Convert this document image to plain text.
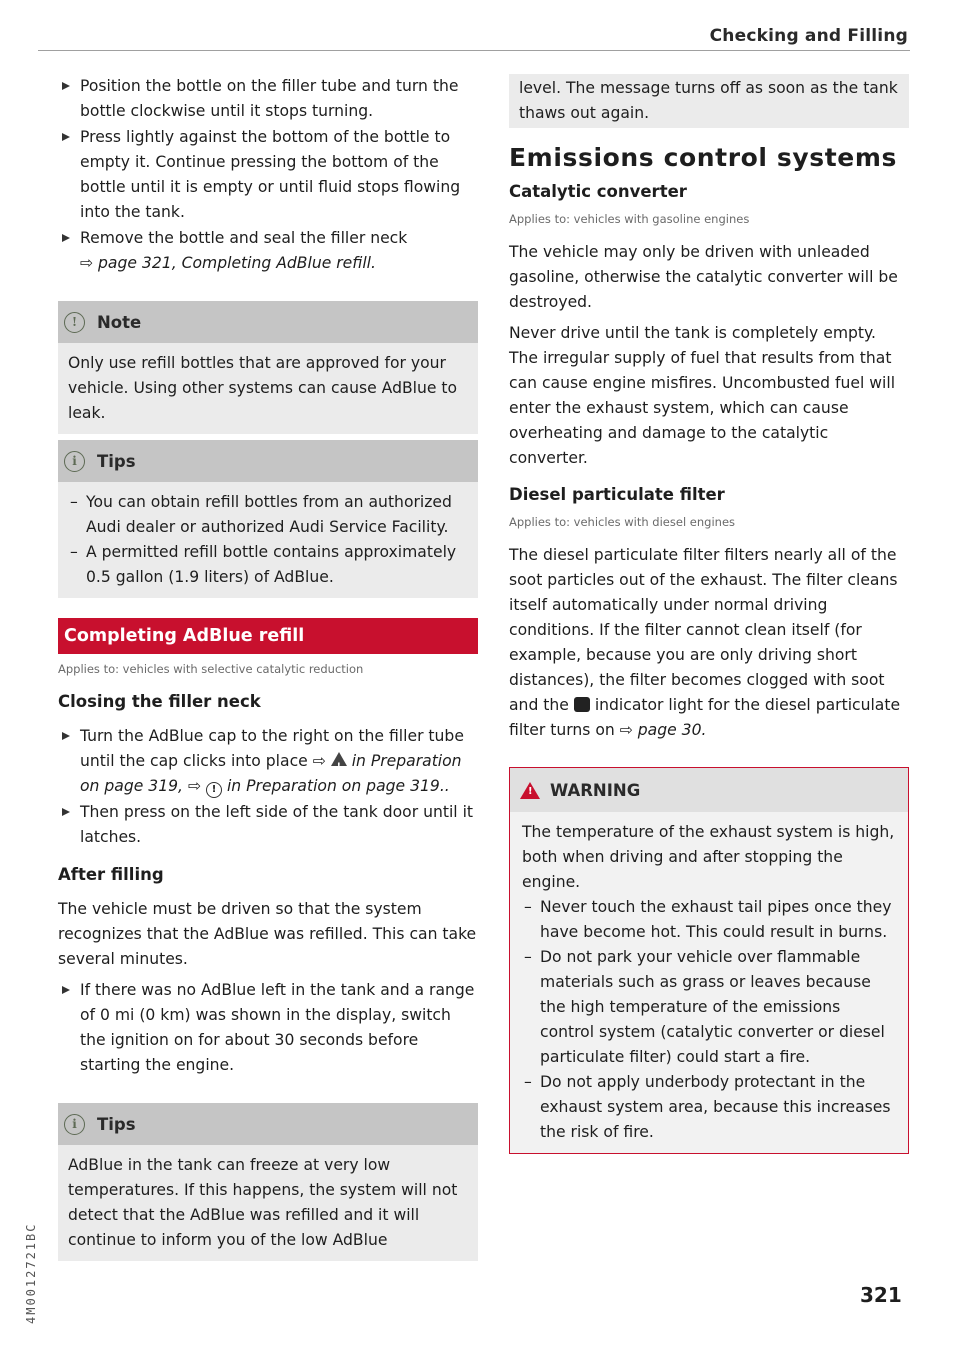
Checking and Filling
Position the bottle on the filler tube and turn the bottle clockwise until it stops turning.
Press lightly against the bottom of the bottle to empty it. Continue pressing the bottom of the bottle until it is empty or until fluid stops flowing into the tank.
Remove the bottle and seal the filler neck
⇨ page 321, Completing AdBlue refill.
!	Note

Only use refill bottles that are approved for your vehicle. Using other systems can cause AdBlue to leak.

i	Tips
– You can obtain refill bottles from an authorized Audi dealer or authorized Audi Service Facility.
– A permitted refill bottle contains approximately 0.5 gallon (1.9 liters) of AdBlue.
Completing AdBlue refill
Applies to: vehicles with selective catalytic reduction
Closing the filler neck
Turn the AdBlue cap to the right on the filler tube until the cap clicks into place ⇨ ! in Preparation on page 319, ⇨ ! in Preparation on page 319..
Then press on the left side of the tank door until it latches.
After filling

The vehicle must be driven so that the system recognizes that the AdBlue was refilled. This can take several minutes.

If there was no AdBlue left in the tank and a range of 0 mi (0 km) was shown in the display, switch the ignition on for about 30 seconds before starting the engine.
i	Tips

AdBlue in the tank can freeze at very low temperatures. If this happens, the system will not detect that the AdBlue was refilled and it will continue to inform you of the low AdBlue

level. The message turns off as soon as the tank thaws out again.

Emissions control systems
Catalytic converter
Applies to: vehicles with gasoline engines

The vehicle may only be driven with unleaded gasoline, otherwise the catalytic converter will be destroyed.

Never drive until the tank is completely empty. The irregular supply of fuel that results from that can cause engine misfires. Uncombusted fuel will enter the exhaust system, which can cause overheating and damage to the catalytic converter.

Diesel particulate filter
Applies to: vehicles with diesel engines

The diesel particulate filter filters nearly all of the soot particles out of the exhaust. The filter cleans itself automatically under normal driving conditions. If the filter cannot clean itself (for example, because you are only driving short distances), the filter becomes clogged with soot and the  indicator light for the diesel particulate filter turns on ⇨ page 30.

!
WARNING

The temperature of the exhaust system is high, both when driving and after stopping the engine.

– Never touch the exhaust tail pipes once they have become hot. This could result in burns.
– Do not park your vehicle over flammable materials such as grass or leaves because the high temperature of the emissions control system (catalytic converter or diesel particulate filter) could start a fire.
– Do not apply underbody protectant in the exhaust system area, because this increases the risk of fire.
4M0012721BC	321
